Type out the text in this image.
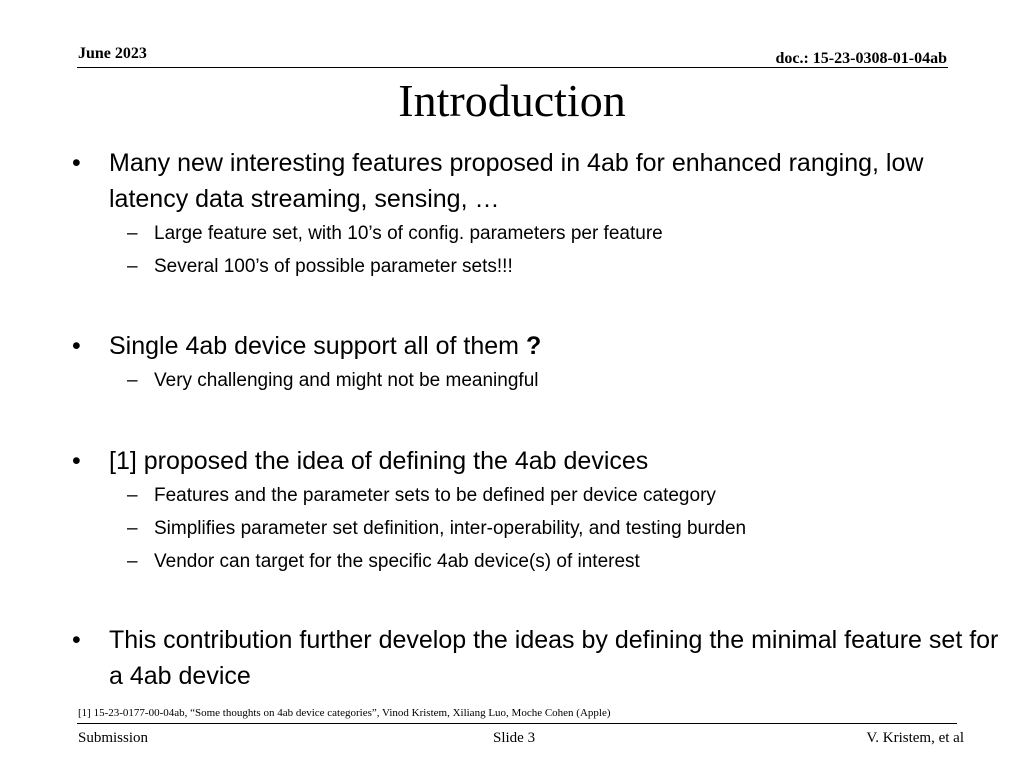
June 2023	doc.: 15-23-0308-01-04ab
Introduction
• Many new interesting features proposed in 4ab for enhanced ranging, low latency data streaming, sensing, …
– Large feature set, with 10’s of config. parameters per feature
– Several 100’s of possible parameter sets!!!
• Single 4ab device support all of them ?
– Very challenging and might not be meaningful
• [1] proposed the idea of defining the 4ab devices
– Features and the parameter sets to be defined per device category
– Simplifies parameter set definition, inter-operability, and testing burden
– Vendor can target for the specific 4ab device(s) of interest
• This contribution further develop the ideas by defining the minimal feature set for a 4ab device
[1] 15-23-0177-00-04ab, “Some thoughts on 4ab device categories”, Vinod Kristem, Xiliang Luo, Moche Cohen (Apple)
Submission	Slide 3	V. Kristem, et al
